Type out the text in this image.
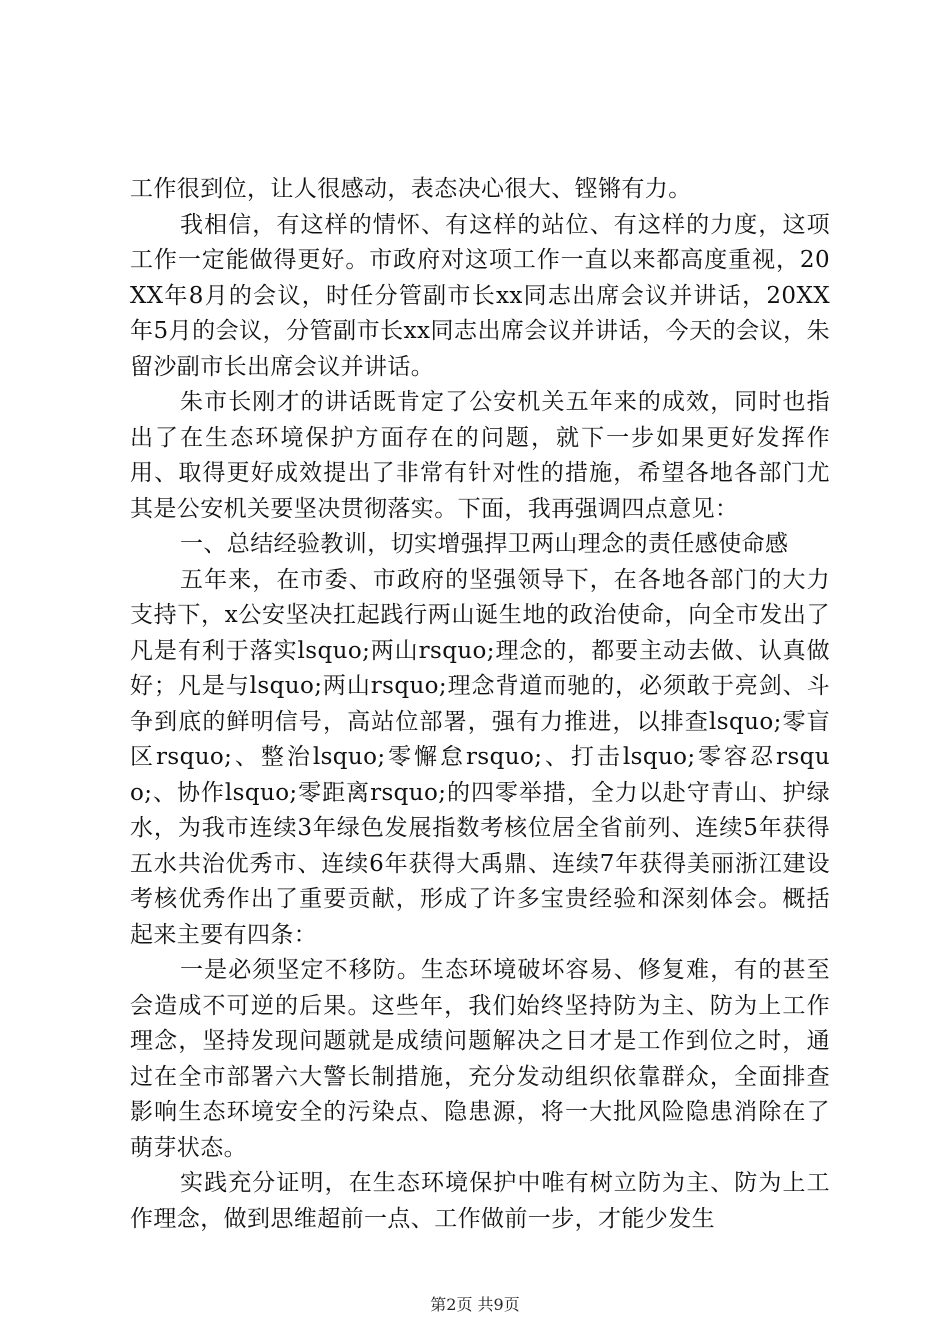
工作很到位，让人很感动，表态决心很大、铿锵有力。

我相信，有这样的情怀、有这样的站位、有这样的力度，这项工作一定能做得更好。市政府对这项工作一直以来都高度重视，20XX年8月的会议，时任分管副市长xx同志出席会议并讲话，20XX年5月的会议，分管副市长xx同志出席会议并讲话，今天的会议，朱留沙副市长出席会议并讲话。

朱市长刚才的讲话既肯定了公安机关五年来的成效，同时也指出了在生态环境保护方面存在的问题，就下一步如果更好发挥作用、取得更好成效提出了非常有针对性的措施，希望各地各部门尤其是公安机关要坚决贯彻落实。下面，我再强调四点意见：

一、总结经验教训，切实增强捍卫两山理念的责任感使命感

五年来，在市委、市政府的坚强领导下，在各地各部门的大力支持下，x公安坚决扛起践行两山诞生地的政治使命，向全市发出了凡是有利于落实lsquo;两山rsquo;理念的，都要主动去做、认真做好；凡是与lsquo;两山rsquo;理念背道而驰的，必须敢于亮剑、斗争到底的鲜明信号，高站位部署，强有力推进，以排查lsquo;零盲区rsquo;、整治lsquo;零懈怠rsquo;、打击lsquo;零容忍rsquo;、协作lsquo;零距离rsquo;的四零举措，全力以赴守青山、护绿水，为我市连续3年绿色发展指数考核位居全省前列、连续5年获得五水共治优秀市、连续6年获得大禹鼎、连续7年获得美丽浙江建设考核优秀作出了重要贡献，形成了许多宝贵经验和深刻体会。概括起来主要有四条：

一是必须坚定不移防。生态环境破坏容易、修复难，有的甚至会造成不可逆的后果。这些年，我们始终坚持防为主、防为上工作理念，坚持发现问题就是成绩问题解决之日才是工作到位之时，通过在全市部署六大警长制措施，充分发动组织依靠群众，全面排查影响生态环境安全的污染点、隐患源，将一大批风险隐患消除在了萌芽状态。

实践充分证明，在生态环境保护中唯有树立防为主、防为上工作理念，做到思维超前一点、工作做前一步，才能少发生

第2页 共9页
